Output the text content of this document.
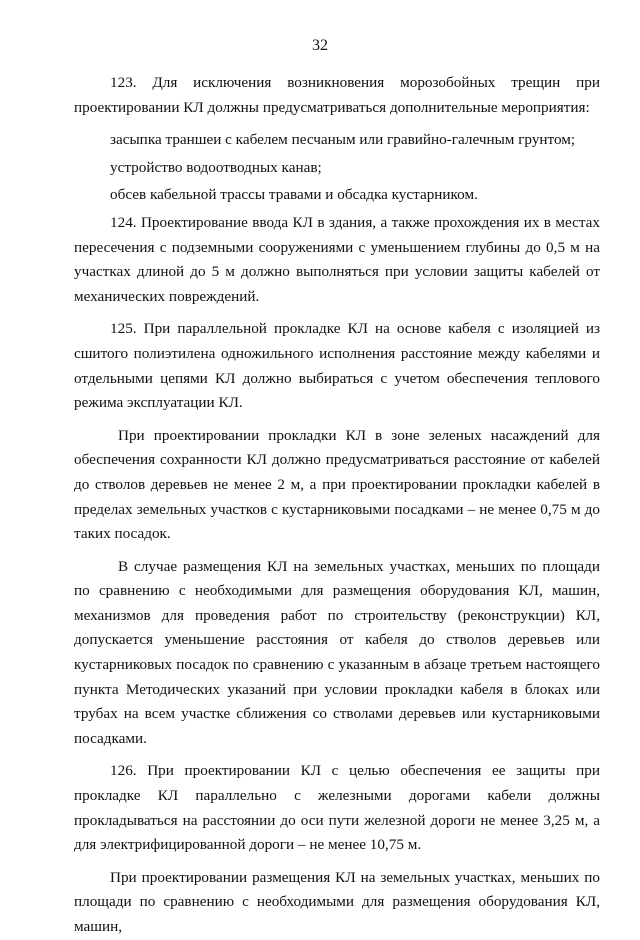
32

123. Для исключения возникновения морозобойных трещин при проектировании КЛ должны предусматриваться дополнительные мероприятия:

засыпка траншеи с кабелем песчаным или гравийно-галечным грунтом;

устройство водоотводных канав;

обсев кабельной трассы травами и обсадка кустарником.

124. Проектирование ввода КЛ в здания, а также прохождения их в местах пересечения с подземными сооружениями с уменьшением глубины до 0,5 м на участках длиной до 5 м должно выполняться при условии защиты кабелей от механических повреждений.

125. При параллельной прокладке КЛ на основе кабеля с изоляцией из сшитого полиэтилена одножильного исполнения расстояние между кабелями и отдельными цепями КЛ должно выбираться с учетом обеспечения теплового режима эксплуатации КЛ.

При проектировании прокладки КЛ в зоне зеленых насаждений для обеспечения сохранности КЛ должно предусматриваться расстояние от кабелей до стволов деревьев не менее 2 м, а при проектировании прокладки кабелей в пределах земельных участков с кустарниковыми посадками – не менее 0,75 м до таких посадок.

В случае размещения КЛ на земельных участках, меньших по площади по сравнению с необходимыми для размещения оборудования КЛ, машин, механизмов для проведения работ по строительству (реконструкции) КЛ, допускается уменьшение расстояния от кабеля до стволов деревьев или кустарниковых посадок по сравнению с указанным в абзаце третьем настоящего пункта Методических указаний при условии прокладки кабеля в блоках или трубах на всем участке сближения со стволами деревьев или кустарниковыми посадками.

126. При проектировании КЛ с целью обеспечения ее защиты при прокладке КЛ параллельно с железными дорогами кабели должны прокладываться на расстоянии до оси пути железной дороги не менее 3,25 м, а для электрифицированной дороги – не менее 10,75 м.

При проектировании размещения КЛ на земельных участках, меньших по площади по сравнению с необходимыми для размещения оборудования КЛ, машин,
